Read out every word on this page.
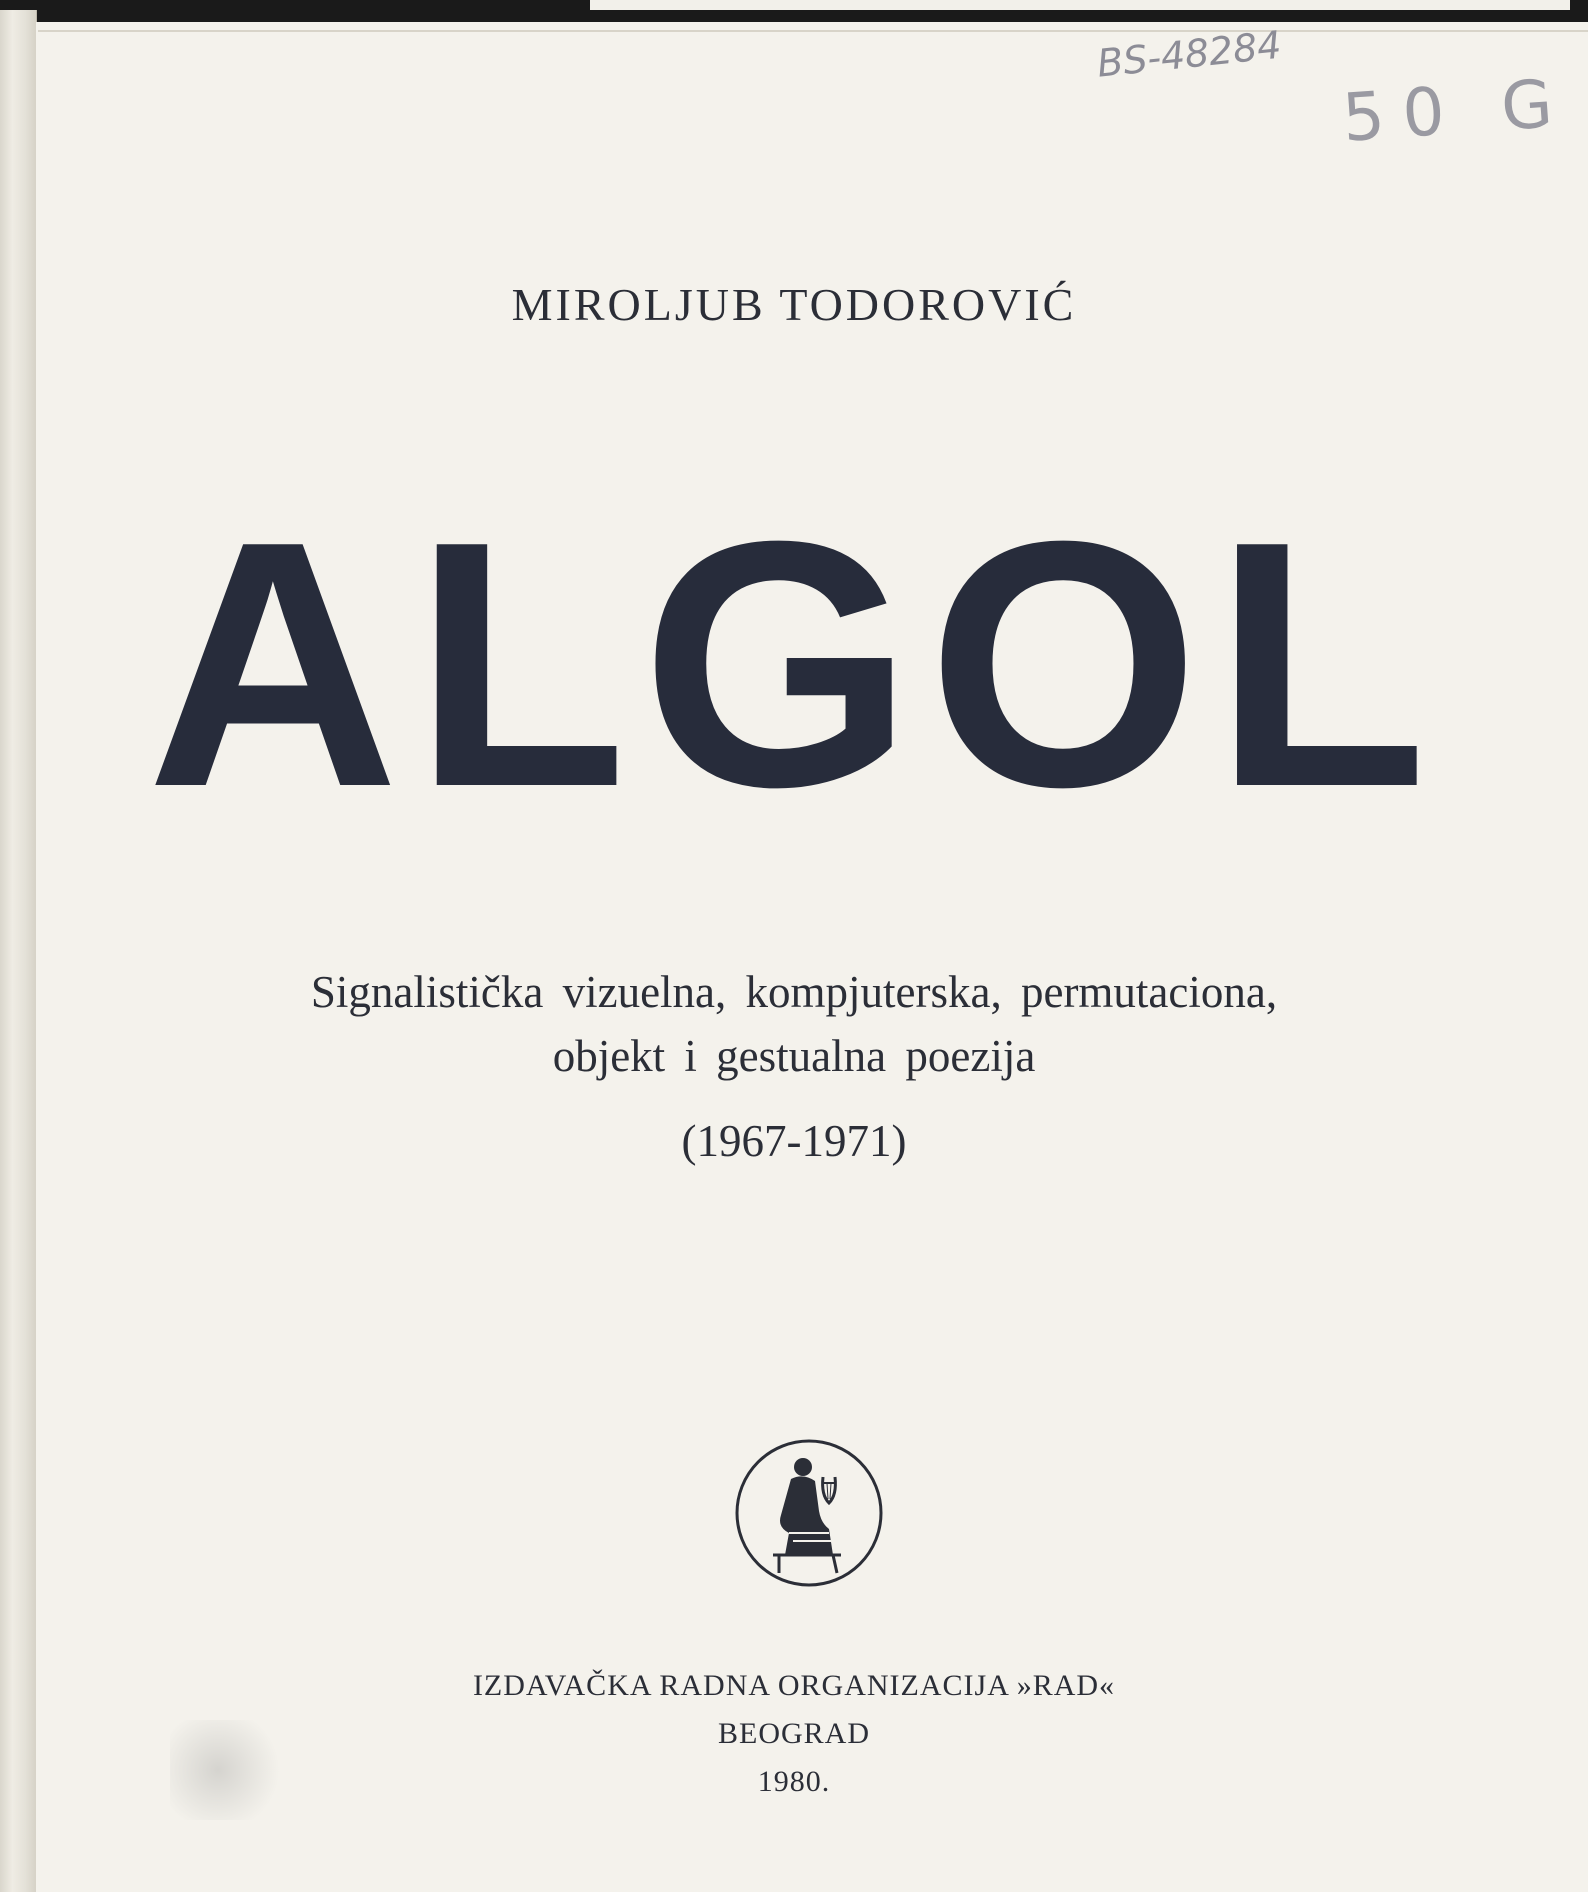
BS-48284
50 G
MIROLJUB TODOROVIĆ
ALGOL
Signalistička vizuelna, kompjuterska, permutaciona,
objekt i gestualna poezija
(1967-1971)
IZDAVAČKA RADNA ORGANIZACIJA »RAD«
BEOGRAD
1980.
